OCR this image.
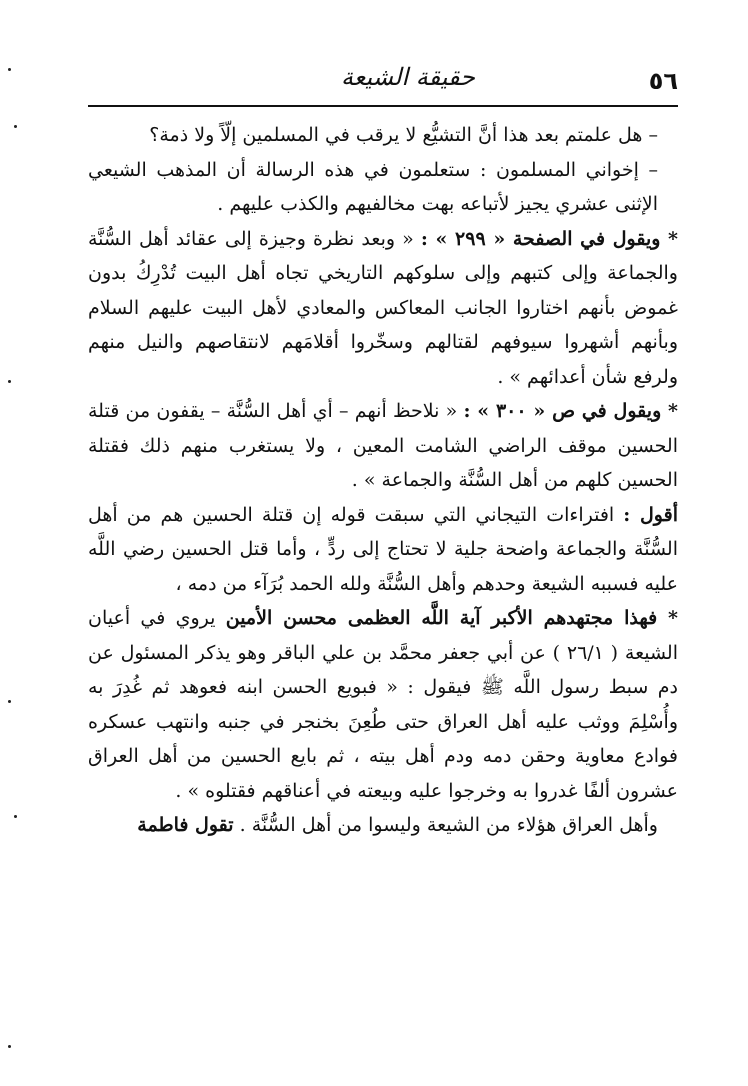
٥٦
حقيقة الشيعة

– هل علمتم بعد هذا أنَّ التشيُّع لا يرقب في المسلمين إلّاً ولا ذمة؟

– إخواني المسلمون : ستعلمون في هذه الرسالة أن المذهب الشيعي الإثنى عشري يجيز لأتباعه بهت مخالفيهم والكذب عليهم .

* ويقول في الصفحة « ٢٩٩ » : « وبعد نظرة وجيزة إلى عقائد أهل السُّنَّة والجماعة وإلى كتبهم وإلى سلوكهم التاريخي تجاه أهل البيت تُدْرِكُ بدون غموض بأنهم اختاروا الجانب المعاكس والمعادي لأهل البيت عليهم السلام وبأنهم أشهروا سيوفهم لقتالهم وسخّروا أقلامَهم لانتقاصهم والنيل منهم ولرفع شأن أعدائهم » .

* ويقول في ص « ٣٠٠ » : « نلاحظ أنهم – أي أهل السُّنَّة – يقفون من قتلة الحسين موقف الراضي الشامت المعين ، ولا يستغرب منهم ذلك فقتلة الحسين كلهم من أهل السُّنَّة والجماعة » .

أقول : افتراءات التيجاني التي سبقت قوله إن قتلة الحسين هم من أهل السُّنَّة والجماعة واضحة جلية لا تحتاج إلى ردٍّ ، وأما قتل الحسين رضي اللَّه عليه فسببه الشيعة وحدهم وأهل السُّنَّة ولله الحمد بُرَآء من دمه ،

* فهذا مجتهدهم الأكبر آية اللَّه العظمى محسن الأمين يروي في أعيان الشيعة ( ٢٦/١ ) عن أبي جعفر محمَّد بن علي الباقر وهو يذكر المسئول عن دم سبط رسول اللَّه ﷺ فيقول : « فبويع الحسن ابنه فعوهد ثم غُدِرَ به وأُسْلِمَ ووثب عليه أهل العراق حتى طُعِنَ بخنجر في جنبه وانتهب عسكره فوادع معاوية وحقن دمه ودم أهل بيته ، ثم بايع الحسين من أهل العراق عشرون ألفًا غدروا به وخرجوا عليه وبيعته في أعناقهم فقتلوه » .

وأهل العراق هؤلاء من الشيعة وليسوا من أهل السُّنَّة . تقول فاطمة
